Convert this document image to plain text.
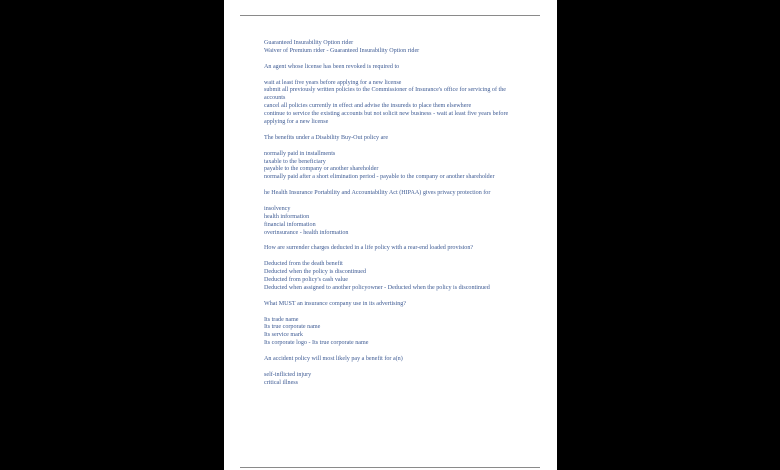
Guaranteed Insurability Option rider
Waiver of Premium rider - Guaranteed Insurability Option rider
An agent whose license has been revoked is required to
wait at least five years before applying for a new license
submit all previously written policies to the Commissioner of Insurance's office for servicing of the accounts
cancel all policies currently in effect and advise the insureds to place them elsewhere
continue to service the existing accounts but not solicit new business - wait at least five years before applying for a new license
The benefits under a Disability Buy-Out policy are
normally paid in installments
taxable to the beneficiary
payable to the company or another shareholder
normally paid after a short elimination period - payable to the company or another shareholder
he Health Insurance Portability and Accountability Act (HIPAA) gives privacy protection for
insolvency
health information
financial information
overinsurance - health information
How are surrender charges deducted in a life policy with a rear-end loaded provision?
Deducted from the death benefit
Deducted when the policy is discontinued
Deducted from policy's cash value
Deducted when assigned to another policyowner - Deducted when the policy is discontinued
What MUST an insurance company use in its advertising?
Its trade name
Its true corporate name
Its service mark
Its corporate logo - Its true corporate name
An accident policy will most likely pay a benefit for a(n)
self-inflicted injury
critical illness
